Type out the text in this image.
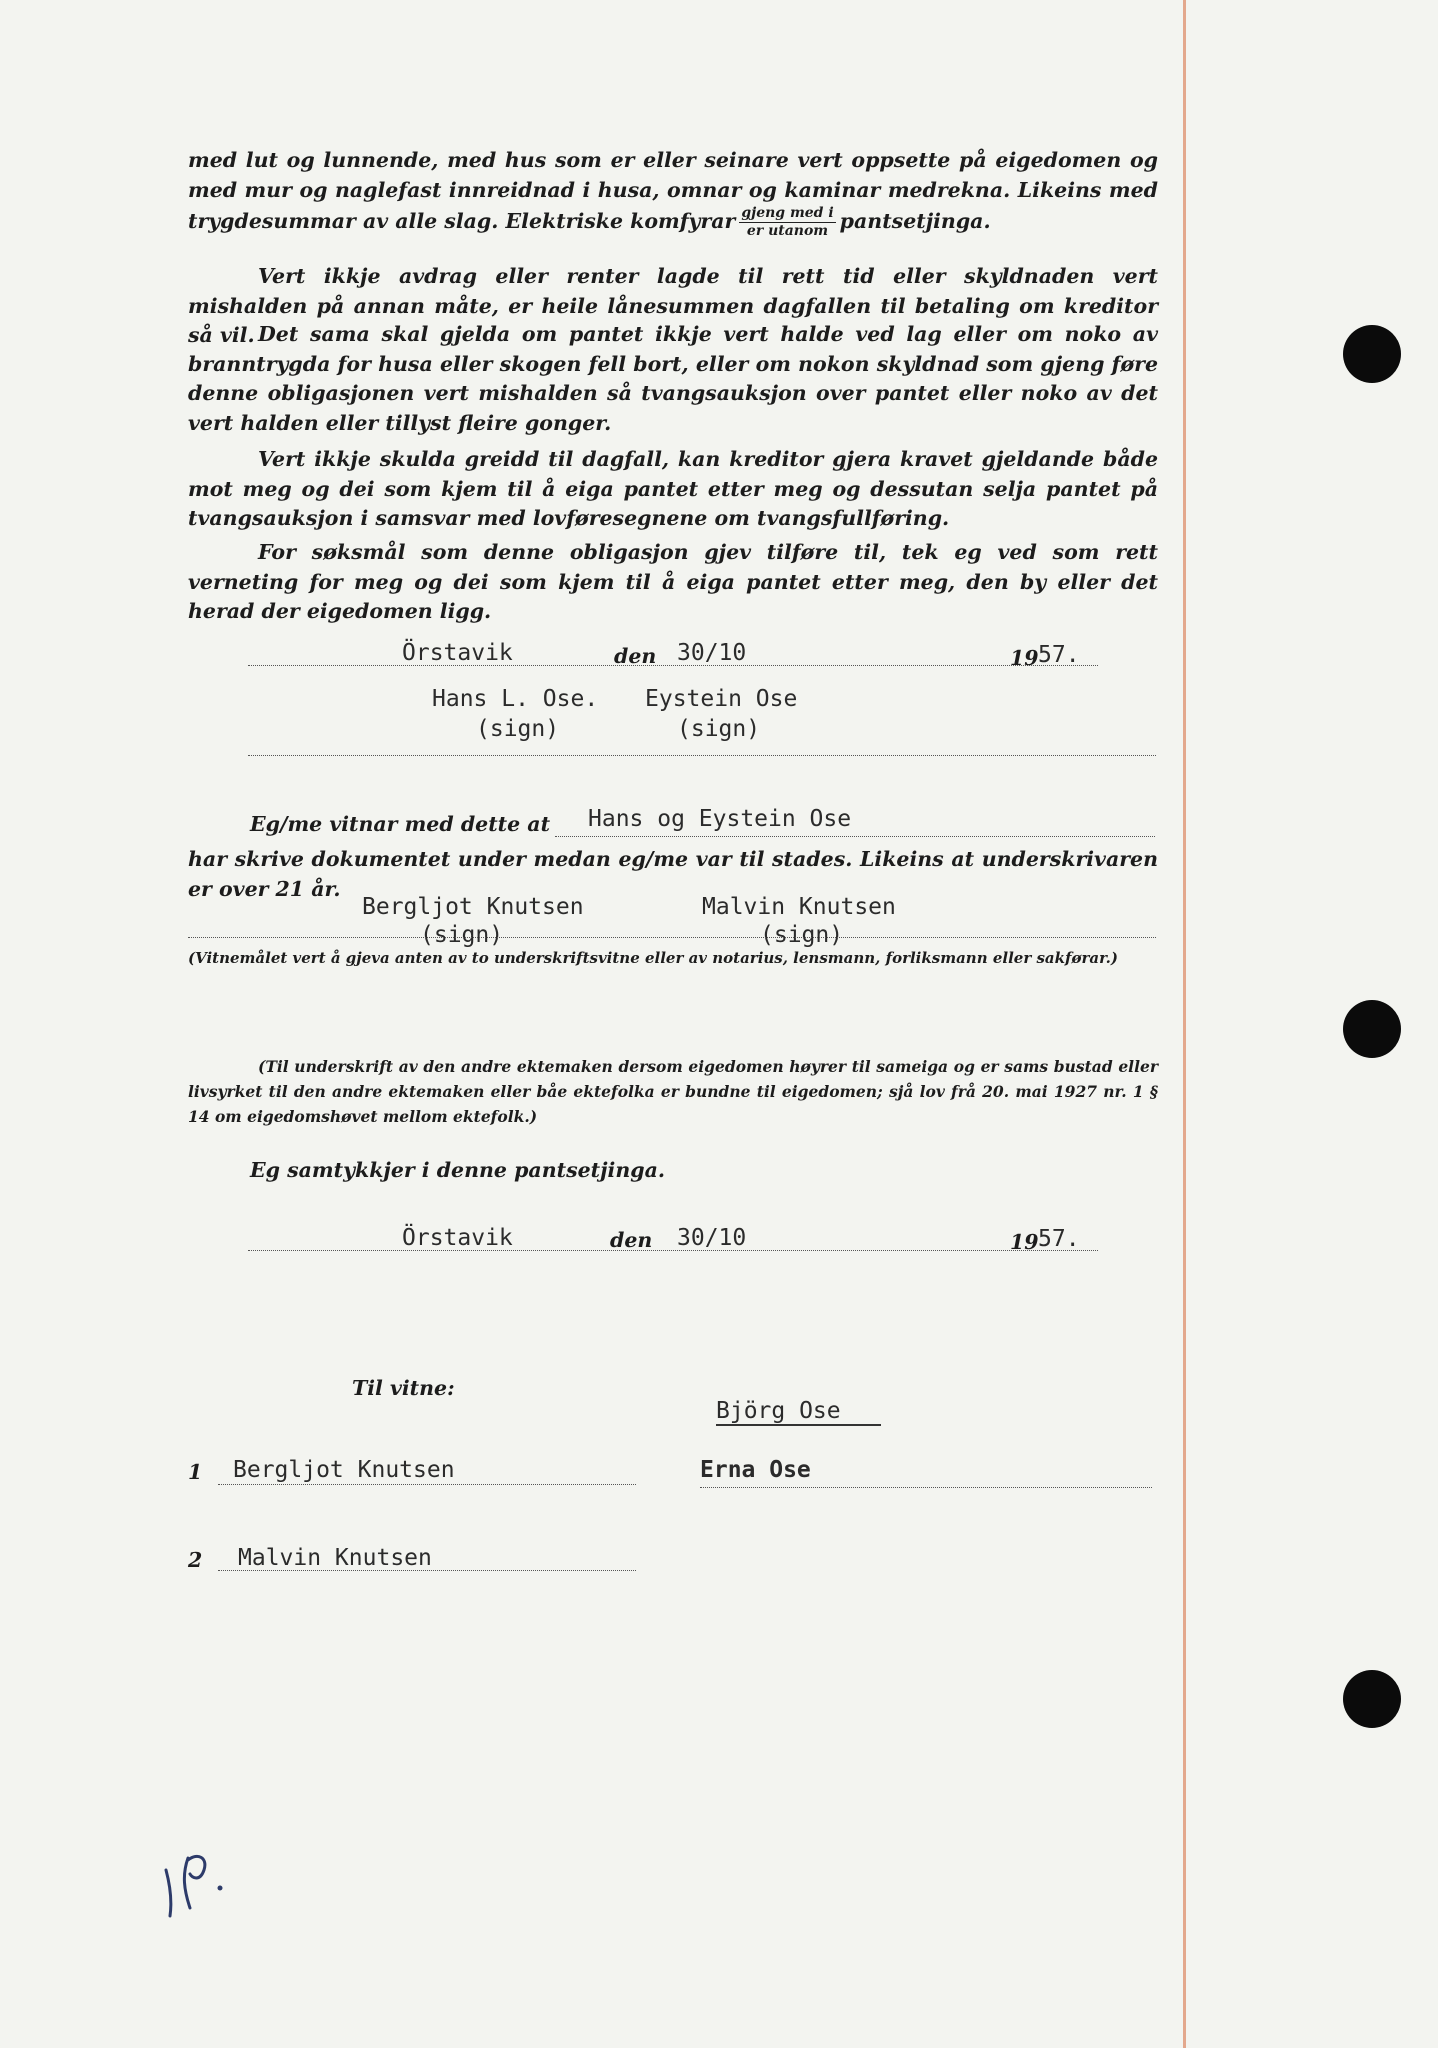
med lut og lunnende, med hus som er eller seinare vert oppsette på eigedomen og med mur og naglefast innreidnad i husa, omnar og kaminar medrekna. Likeins med trygdesummar av alle slag. Elektriske komfyrar $\frac{\text{gjeng med i}}{\text{er utanom}}$ pantsetjinga.

Vert ikkje avdrag eller renter lagde til rett tid eller skyldnaden vert mishalden på annan måte, er heile lånesummen dagfallen til betaling om kreditor så vil. Det sama skal gjelda om pantet ikkje vert halde ved lag eller om noko av branntrygda for husa eller skogen fell bort, eller om nokon skyldnad som gjeng føre denne obligasjonen vert mishalden så tvangsauksjon over pantet eller noko av det vert halden eller tillyst fleire gonger.

Vert ikkje skulda greidd til dagfall, kan kreditor gjera kravet gjeldande både mot meg og dei som kjem til å eiga pantet etter meg og dessutan selja pantet på tvangsauksjon i samsvar med lovføresegnene om tvangsfullføring.

For søksmål som denne obligasjon gjev tilføre til, tek eg ved som rett verneting for meg og dei som kjem til å eiga pantet etter meg, den by eller det herad der eigedomen ligg.

Örstavik	den 30/10	19 57.
Hans L. Ose. Eystein Ose
(sign)	(sign)
Eg/me vitnar med dette at Hans og Eystein Ose

har skrive dokumentet under medan eg/me var til stades. Likeins at underskrivaren er over 21 år.

Bergljot Knutsen	Malvin Knutsen
(sign)	(sign)

(Vitnemålet vert å gjeva anten av to underskriftsvitne eller av notarius, lensmann, forliksmann eller sakførar.)

(Til underskrift av den andre ektemaken dersom eigedomen høyrer til sameiga og er sams bustad eller livsyrket til den andre ektemaken eller båe ektefolka er bundne til eigedomen; sjå lov frå 20. mai 1927 nr. 1 § 14 om eigedomshøvet mellom ektefolk.)

Eg samtykkjer i denne pantsetjinga.
Örstavik	den 30/10	19 57.
Til vitne:
Björg Ose
1 Bergljot Knutsen	Erna Ose
2 Malvin Knutsen
